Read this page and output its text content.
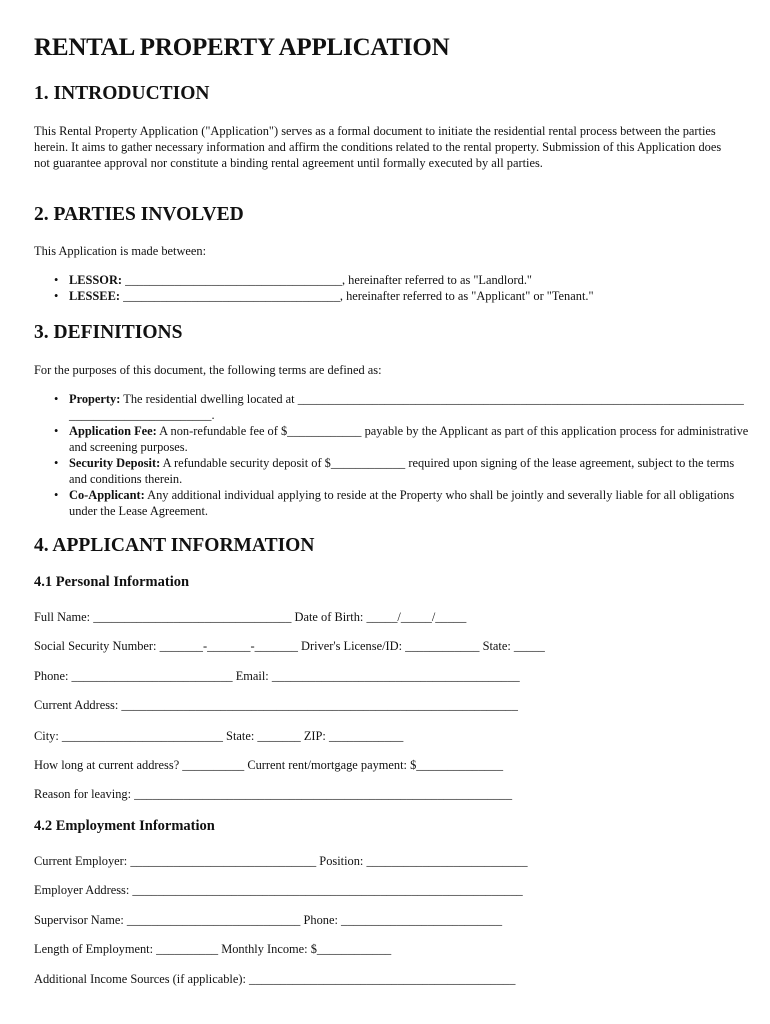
RENTAL PROPERTY APPLICATION
1. INTRODUCTION

This Rental Property Application ("Application") serves as a formal document to initiate the residential rental process between the parties herein. It aims to gather necessary information and affirm the conditions related to the rental property. Submission of this Application does not guarantee approval nor constitute a binding rental agreement until formally executed by all parties.

2. PARTIES INVOLVED

This Application is made between:

• LESSOR: ___________________________________, hereinafter referred to as "Landlord."
• LESSEE: ___________________________________, hereinafter referred to as "Applicant" or "Tenant."
3. DEFINITIONS

For the purposes of this document, the following terms are defined as:

• Property: The residential dwelling located at _______________________________________________________________________________________________.
• Application Fee: A non-refundable fee of $____________ payable by the Applicant as part of this application process for administrative and screening purposes.
• Security Deposit: A refundable security deposit of $____________ required upon signing of the lease agreement, subject to the terms and conditions therein.
• Co-Applicant: Any additional individual applying to reside at the Property who shall be jointly and severally liable for all obligations under the Lease Agreement.
4. APPLICANT INFORMATION
4.1 Personal Information
Full Name: ________________________________ Date of Birth: _____/_____/_____
Social Security Number: _______-_______-_______ Driver's License/ID: ____________ State: _____
Phone: __________________________ Email: ________________________________________
Current Address: ________________________________________________________________
City: __________________________ State: _______ ZIP: ____________
How long at current address? __________ Current rent/mortgage payment: $______________
Reason for leaving: _____________________________________________________________
4.2 Employment Information
Current Employer: ______________________________ Position: __________________________
Employer Address: _______________________________________________________________
Supervisor Name: ____________________________ Phone: __________________________
Length of Employment: __________ Monthly Income: $____________
Additional Income Sources (if applicable): ___________________________________________
